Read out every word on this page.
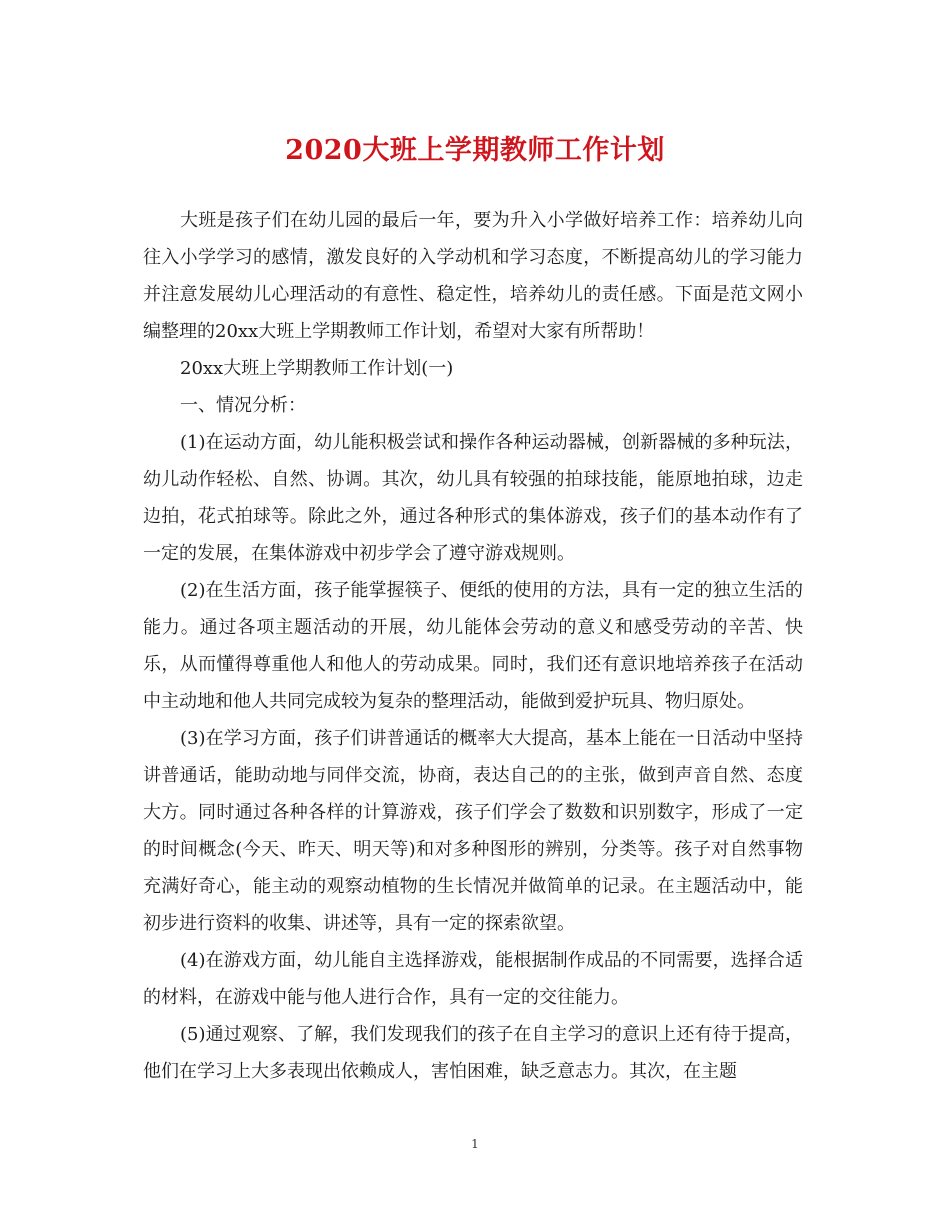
2020大班上学期教师工作计划

大班是孩子们在幼儿园的最后一年，要为升入小学做好培养工作：培养幼儿向往入小学学习的感情，激发良好的入学动机和学习态度，不断提高幼儿的学习能力并注意发展幼儿心理活动的有意性、稳定性，培养幼儿的责任感。下面是范文网小编整理的20xx大班上学期教师工作计划，希望对大家有所帮助！

20xx大班上学期教师工作计划(一)

一、情况分析：

(1)在运动方面，幼儿能积极尝试和操作各种运动器械，创新器械的多种玩法，幼儿动作轻松、自然、协调。其次，幼儿具有较强的拍球技能，能原地拍球，边走边拍，花式拍球等。除此之外，通过各种形式的集体游戏，孩子们的基本动作有了一定的发展，在集体游戏中初步学会了遵守游戏规则。

(2)在生活方面，孩子能掌握筷子、便纸的使用的方法，具有一定的独立生活的能力。通过各项主题活动的开展，幼儿能体会劳动的意义和感受劳动的辛苦、快乐，从而懂得尊重他人和他人的劳动成果。同时，我们还有意识地培养孩子在活动中主动地和他人共同完成较为复杂的整理活动，能做到爱护玩具、物归原处。

(3)在学习方面，孩子们讲普通话的概率大大提高，基本上能在一日活动中坚持讲普通话，能助动地与同伴交流，协商，表达自己的的主张，做到声音自然、态度大方。同时通过各种各样的计算游戏，孩子们学会了数数和识别数字，形成了一定的时间概念(今天、昨天、明天等)和对多种图形的辨别，分类等。孩子对自然事物充满好奇心，能主动的观察动植物的生长情况并做简单的记录。在主题活动中，能初步进行资料的收集、讲述等，具有一定的探索欲望。

(4)在游戏方面，幼儿能自主选择游戏，能根据制作成品的不同需要，选择合适的材料，在游戏中能与他人进行合作，具有一定的交往能力。

(5)通过观察、了解，我们发现我们的孩子在自主学习的意识上还有待于提高，他们在学习上大多表现出依赖成人，害怕困难，缺乏意志力。其次，在主题

1
